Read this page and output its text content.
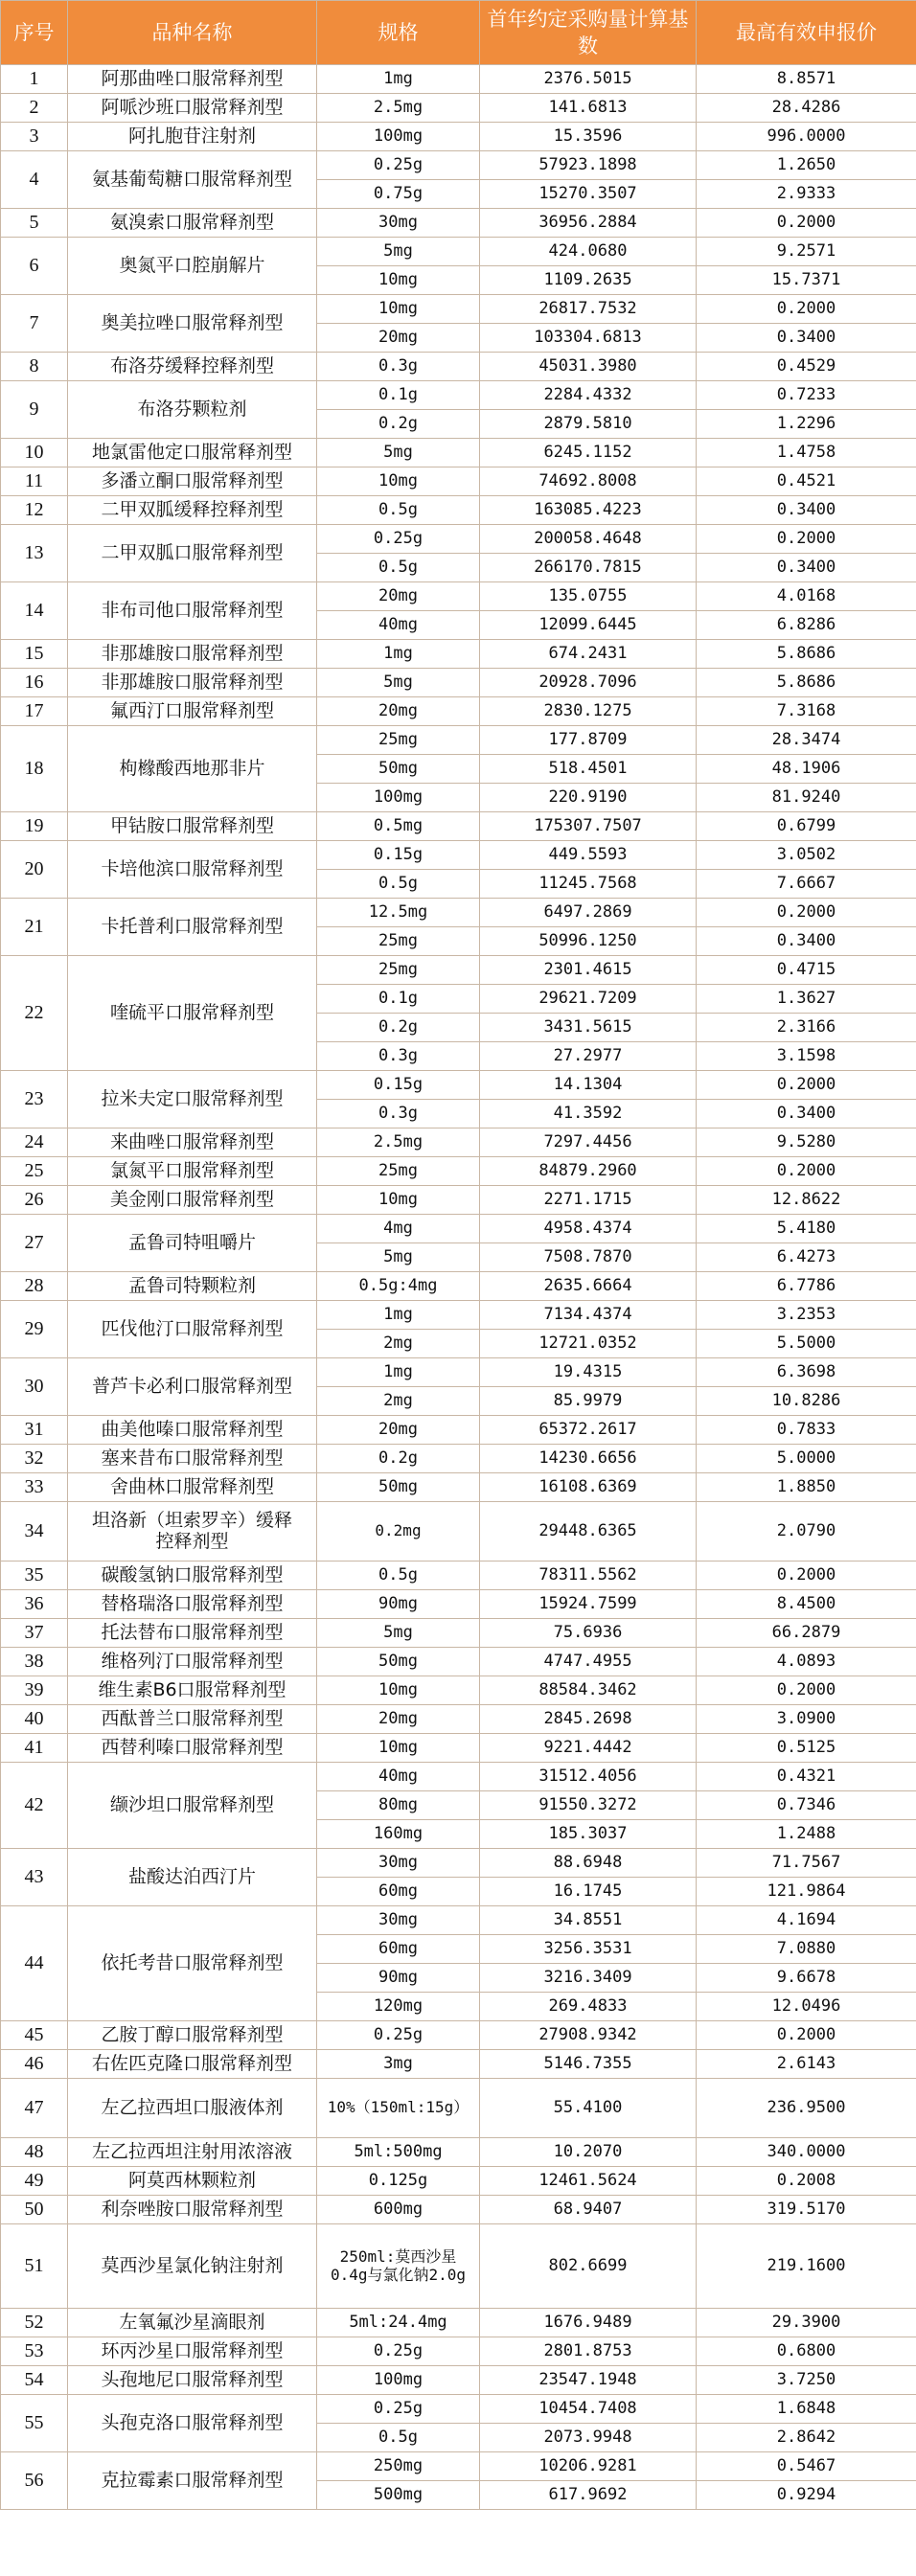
序号	品种名称	规格	首年约定采购量计算基数	最高有效申报价
1	阿那曲唑口服常释剂型	1mg	2376.5015	8.8571
2	阿哌沙班口服常释剂型	2.5mg	141.6813	28.4286
3	阿扎胞苷注射剂	100mg	15.3596	996.0000
4	氨基葡萄糖口服常释剂型	0.25g	57923.1898	1.2650
		0.75g	15270.3507	2.9333
5	氨溴索口服常释剂型	30mg	36956.2884	0.2000
6	奥氮平口腔崩解片	5mg	424.0680	9.2571
		10mg	1109.2635	15.7371
7	奥美拉唑口服常释剂型	10mg	26817.7532	0.2000
		20mg	103304.6813	0.3400
8	布洛芬缓释控释剂型	0.3g	45031.3980	0.4529
9	布洛芬颗粒剂	0.1g	2284.4332	0.7233
		0.2g	2879.5810	1.2296
10	地氯雷他定口服常释剂型	5mg	6245.1152	1.4758
11	多潘立酮口服常释剂型	10mg	74692.8008	0.4521
12	二甲双胍缓释控释剂型	0.5g	163085.4223	0.3400
13	二甲双胍口服常释剂型	0.25g	200058.4648	0.2000
		0.5g	266170.7815	0.3400
14	非布司他口服常释剂型	20mg	135.0755	4.0168
		40mg	12099.6445	6.8286
15	非那雄胺口服常释剂型	1mg	674.2431	5.8686
16	非那雄胺口服常释剂型	5mg	20928.7096	5.8686
17	氟西汀口服常释剂型	20mg	2830.1275	7.3168
18	枸橼酸西地那非片	25mg	177.8709	28.3474
		50mg	518.4501	48.1906
		100mg	220.9190	81.9240
19	甲钴胺口服常释剂型	0.5mg	175307.7507	0.6799
20	卡培他滨口服常释剂型	0.15g	449.5593	3.0502
		0.5g	11245.7568	7.6667
21	卡托普利口服常释剂型	12.5mg	6497.2869	0.2000
		25mg	50996.1250	0.3400
22	喹硫平口服常释剂型	25mg	2301.4615	0.4715
		0.1g	29621.7209	1.3627
		0.2g	3431.5615	2.3166
		0.3g	27.2977	3.1598
23	拉米夫定口服常释剂型	0.15g	14.1304	0.2000
		0.3g	41.3592	0.3400
24	来曲唑口服常释剂型	2.5mg	7297.4456	9.5280
25	氯氮平口服常释剂型	25mg	84879.2960	0.2000
26	美金刚口服常释剂型	10mg	2271.1715	12.8622
27	孟鲁司特咀嚼片	4mg	4958.4374	5.4180
		5mg	7508.7870	6.4273
28	孟鲁司特颗粒剂	0.5g:4mg	2635.6664	6.7786
29	匹伐他汀口服常释剂型	1mg	7134.4374	3.2353
		2mg	12721.0352	5.5000
30	普芦卡必利口服常释剂型	1mg	19.4315	6.3698
		2mg	85.9979	10.8286
31	曲美他嗪口服常释剂型	20mg	65372.2617	0.7833
32	塞来昔布口服常释剂型	0.2g	14230.6656	5.0000
33	舍曲林口服常释剂型	50mg	16108.6369	1.8850
34	坦洛新（坦索罗辛）缓释控释剂型	0.2mg	29448.6365	2.0790
35	碳酸氢钠口服常释剂型	0.5g	78311.5562	0.2000
36	替格瑞洛口服常释剂型	90mg	15924.7599	8.4500
37	托法替布口服常释剂型	5mg	75.6936	66.2879
38	维格列汀口服常释剂型	50mg	4747.4955	4.0893
39	维生素B6口服常释剂型	10mg	88584.3462	0.2000
40	西酞普兰口服常释剂型	20mg	2845.2698	3.0900
41	西替利嗪口服常释剂型	10mg	9221.4442	0.5125
42	缬沙坦口服常释剂型	40mg	31512.4056	0.4321
		80mg	91550.3272	0.7346
		160mg	185.3037	1.2488
43	盐酸达泊西汀片	30mg	88.6948	71.7567
		60mg	16.1745	121.9864
44	依托考昔口服常释剂型	30mg	34.8551	4.1694
		60mg	3256.3531	7.0880
		90mg	3216.3409	9.6678
		120mg	269.4833	12.0496
45	乙胺丁醇口服常释剂型	0.25g	27908.9342	0.2000
46	右佐匹克隆口服常释剂型	3mg	5146.7355	2.6143
47	左乙拉西坦口服液体剂	10%（150ml:15g）	55.4100	236.9500
48	左乙拉西坦注射用浓溶液	5ml:500mg	10.2070	340.0000
49	阿莫西林颗粒剂	0.125g	12461.5624	0.2008
50	利奈唑胺口服常释剂型	600mg	68.9407	319.5170
51	莫西沙星氯化钠注射剂	250ml:莫西沙星0.4g与氯化钠2.0g	802.6699	219.1600
52	左氧氟沙星滴眼剂	5ml:24.4mg	1676.9489	29.3900
53	环丙沙星口服常释剂型	0.25g	2801.8753	0.6800
54	头孢地尼口服常释剂型	100mg	23547.1948	3.7250
55	头孢克洛口服常释剂型	0.25g	10454.7408	1.6848
		0.5g	2073.9948	2.8642
56	克拉霉素口服常释剂型	250mg	10206.9281	0.5467
		500mg	617.9692	0.9294
